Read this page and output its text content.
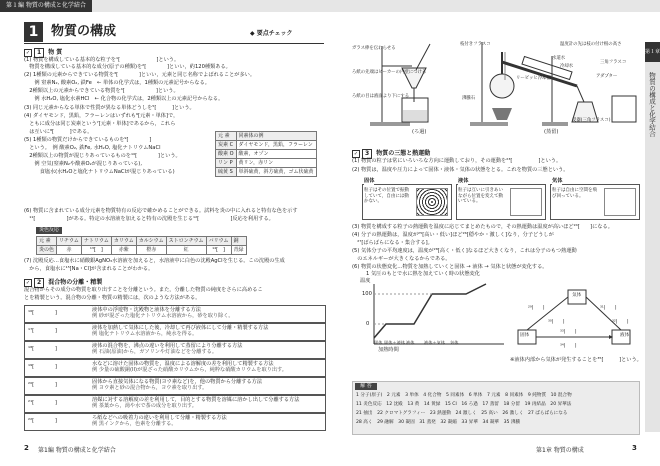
第１編 物質の構成と化学結合
第１章
物質の構成と化学結合
1 物質の構成	◆ 要点チェック
✓ 1 物 質
(1) 物質を構成している基本的な粒子を¹[　　　　　　　]という。
　物質を構成している基本的な成分(原子の種類)を²[　　　　]といい，約120種類ある。
(2) 1種類の元素からできている物質を³[　　　　]といい，元素と同じ名称でよばれることが多い。
　　例 窒素N₂, 酸素O₂, 鉄Fe　← 単体の化学式は，1種類の元素記号からなる。
　2種類以上の元素からできている物質を⁴[　　　　　　]という。
　　例 水H₂O, 塩化水素HCl　← 化合物の化学式は，2種類以上の元素記号からなる。
(3) 同じ元素からなる単体で性質が異なる単体どうしを⁵[　　　]という。
(4) ダイヤモンド，黒鉛，フラーレンはいずれも⁶[元素・単体]で，
　ともに成分は同じ炭素という⁷[元素・単体]であるから，これら
　は互いに⁸[　　　]である。
(5) 1種類の物質だけからできているものを⁹[　　　　]
　という。　例 酸素O₂, 鉄Fe, 水H₂O, 塩化ナトリウムNaCl
　2種類以上の物質が混じりあっているものを¹⁰[　　　　]という。
　　例 空気(窒素N₂や酸素O₂が混じりあっている),
　　　食塩水(水H₂Oと塩化ナトリウムNaClが混じりあっている)
(6) 物質に含まれている成分元素を物質特有の反応で確かめることができる。試料を炎の中に入れると特有な色を示す
　¹¹[　　　　　　]がある。特定の水溶液を加えると特有の沈殿を生じる¹²[　　　　　　]反応を利用する。
元 素	同素体の例
炭素 C	ダイヤモンド，黒鉛，フラーレン
酸素 O	酸素，オゾン
リン P	黄リン，赤リン
硫黄 S	単斜硫黄，斜方硫黄，ゴム状硫黄
炎色反応
元 素	リチウム	ナトリウム	カリウム	カルシウム	ストロンチウム	バリウム	銅
炎の色	赤	¹³[　]	赤紫	橙赤	紅	¹⁴[　]	青緑
(7) 沈殿反応…食塩水に硝酸銀AgNO₃水溶液を加えると，水溶液中に白色の沈殿AgClを生じる。この沈殿の生成
　から，食塩水に¹⁵[Na・Cl]が含まれることがわかる。
✓ 2 混合物の分離・精製
混合物からその成分の物質を取り出すことを分離という。また，分離した物質の純度をさらに高めるこ
とを精製という。混合物の分離・物質の精製には，次のような方法がある。
¹⁶[　　　　]	液体中の浮遊物・沈殿物と液体を分離する方法
例 砂が混ざった塩化ナトリウム水溶液から，砂を取り除く。
¹⁷[　　　　]	液体を加熱して気体にした後，冷却して再び液体にして分離・精製する方法
例 塩化ナトリウム水溶液から，純水を得る。
¹⁸[　　　　]	液体の混合物を，沸点の違いを利用して蒸留により分離する方法
例 石油(原油)から，ガソリンや灯油などを分離する。
¹⁹[　　　　]	水などに溶けた固体の物質を，温度による溶解度の差を利用して精製する方法
例 少量の硫酸銅(II)が混ざった硝酸カリウムから，純粋な硝酸カリウムを取り出す。
²⁰[　　　　]	固体から直接気体になる物質(ヨウ素など)を，他の物質から分離する方法
例 ヨウ素と砂の混合物から，ヨウ素を取り出す。
²¹[　　　　]	溶媒に対する溶解度の差を利用して，目的とする物質を溶媒に溶かし出して分離する方法
例 茶葉から，湯や水で茶の成分を取り出す。
²²[　　　　]	ろ紙などへの吸着力の違いを利用して分離・精製する方法
例 黒インクから，色素を分離する。
ガラス棒を伝わらせる
ろ紙の先端はビーカーの内壁につける
ろ紙の目は液面より下にする
(ろ過)
枝付きフラスコ	温度計の先は枝の付け根の高さ
沸騰石
リービッヒ冷却器
冷却水
三角フラスコ
水道水
受器(三角フラスコ)
アダプター
(蒸留)
✓ 3 物質の三態と熱運動
(1) 物質の粒子は常にいろいろな方向に運動しており，その運動を²³[　　　　　]という。
(2) 物質は，温度や圧力によって固体・液体・気体の状態をとる。これを物質の三態という。
固体
粒子はその位置で振動していて，自由には動かない。
液体
粒子は互いに引きあいながら位置を変えて動いている。
気体
粒子は自由に空間を飛び回っている。
(3) 物質を構成する粒子の熱運動を温度に応じてまとめたもので，その熱運動は温度が高いほど²⁴[　　]になる。
(4) 分子の熱運動は，温度が²⁵[高い・低い]ほど²⁶[穏やか・激しく]なり，分子どうしが
　²⁷[ばらばらになる・集合する]。
(5) 気体分子の平均速度は，温度が²⁸[高く・低く]なるほど大きくなり，これは分子のもつ熱運動
　のエネルギーが大きくなるからである。
(6) 物質の状態変化…物質を加熱していくと固体 → 液体 → 気体と状態が変化する。
1 気圧のもとで水に熱を加えていく時の状態変化
温度
100
0
加熱時間
固体 固体＋液体 液体 液体＋気体 気体
気体
液体
固体
²⁹[　　]
³⁰[　　]
³¹[　　]
³²[　　]
³³[　　]
³⁴[　　]
※液体内部から気体が発生することを³⁵[　　　]という。
解 答
1 分子(原子)　2 元素　3 単体　4 化合物　5 同素体　6 単体　7 元素　8 同素体　9 純物質　10 混合物
11 炎色反応　12 沈殿　13 黄　14 黄緑　15 Cl　16 ろ過　17 蒸留　18 分留　19 再結晶　20 昇華法
21 抽出　22 クロマトグラフィー　23 熱運動　24 激しく　25 高い　26 激しく　27 ばらばらになる
28 高く　29 融解　30 凝固　31 蒸発　32 凝縮　33 昇華　34 凝華　35 沸騰
2 第1編 物質の構成と化学結合	第1章 物質の構成	3
